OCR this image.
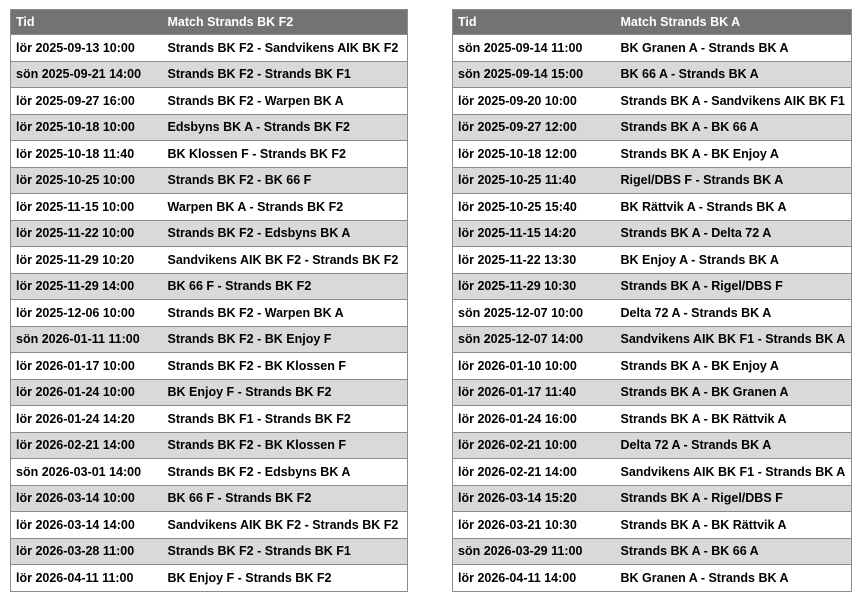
Tid	Match Strands BK F2
lör 2025-09-13 10:00	Strands BK F2 - Sandvikens AIK BK F2
sön 2025-09-21 14:00	Strands BK F2 - Strands BK F1
lör 2025-09-27 16:00	Strands BK F2 - Warpen BK A
lör 2025-10-18 10:00	Edsbyns BK A - Strands BK F2
lör 2025-10-18 11:40	BK Klossen F - Strands BK F2
lör 2025-10-25 10:00	Strands BK F2 - BK 66 F
lör 2025-11-15 10:00	Warpen BK A - Strands BK F2
lör 2025-11-22 10:00	Strands BK F2 - Edsbyns BK A
lör 2025-11-29 10:20	Sandvikens AIK BK F2 - Strands BK F2
lör 2025-11-29 14:00	BK 66 F - Strands BK F2
lör 2025-12-06 10:00	Strands BK F2 - Warpen BK A
sön 2026-01-11 11:00	Strands BK F2 - BK Enjoy F
lör 2026-01-17 10:00	Strands BK F2 - BK Klossen F
lör 2026-01-24 10:00	BK Enjoy F - Strands BK F2
lör 2026-01-24 14:20	Strands BK F1 - Strands BK F2
lör 2026-02-21 14:00	Strands BK F2 - BK Klossen F
sön 2026-03-01 14:00	Strands BK F2 - Edsbyns BK A
lör 2026-03-14 10:00	BK 66 F - Strands BK F2
lör 2026-03-14 14:00	Sandvikens AIK BK F2 - Strands BK F2
lör 2026-03-28 11:00	Strands BK F2 - Strands BK F1
lör 2026-04-11 11:00	BK Enjoy F - Strands BK F2
Tid	Match Strands BK A
sön 2025-09-14 11:00	BK Granen A - Strands BK A
sön 2025-09-14 15:00	BK 66 A - Strands BK A
lör 2025-09-20 10:00	Strands BK A - Sandvikens AIK BK F1
lör 2025-09-27 12:00	Strands BK A - BK 66 A
lör 2025-10-18 12:00	Strands BK A - BK Enjoy A
lör 2025-10-25 11:40	Rigel/DBS F - Strands BK A
lör 2025-10-25 15:40	BK Rättvik A - Strands BK A
lör 2025-11-15 14:20	Strands BK A - Delta 72 A
lör 2025-11-22 13:30	BK Enjoy A - Strands BK A
lör 2025-11-29 10:30	Strands BK A - Rigel/DBS F
sön 2025-12-07 10:00	Delta 72 A - Strands BK A
sön 2025-12-07 14:00	Sandvikens AIK BK F1 - Strands BK A
lör 2026-01-10 10:00	Strands BK A - BK Enjoy A
lör 2026-01-17 11:40	Strands BK A - BK Granen A
lör 2026-01-24 16:00	Strands BK A - BK Rättvik A
lör 2026-02-21 10:00	Delta 72 A - Strands BK A
lör 2026-02-21 14:00	Sandvikens AIK BK F1 - Strands BK A
lör 2026-03-14 15:20	Strands BK A - Rigel/DBS F
lör 2026-03-21 10:30	Strands BK A - BK Rättvik A
sön 2026-03-29 11:00	Strands BK A - BK 66 A
lör 2026-04-11 14:00	BK Granen A - Strands BK A
